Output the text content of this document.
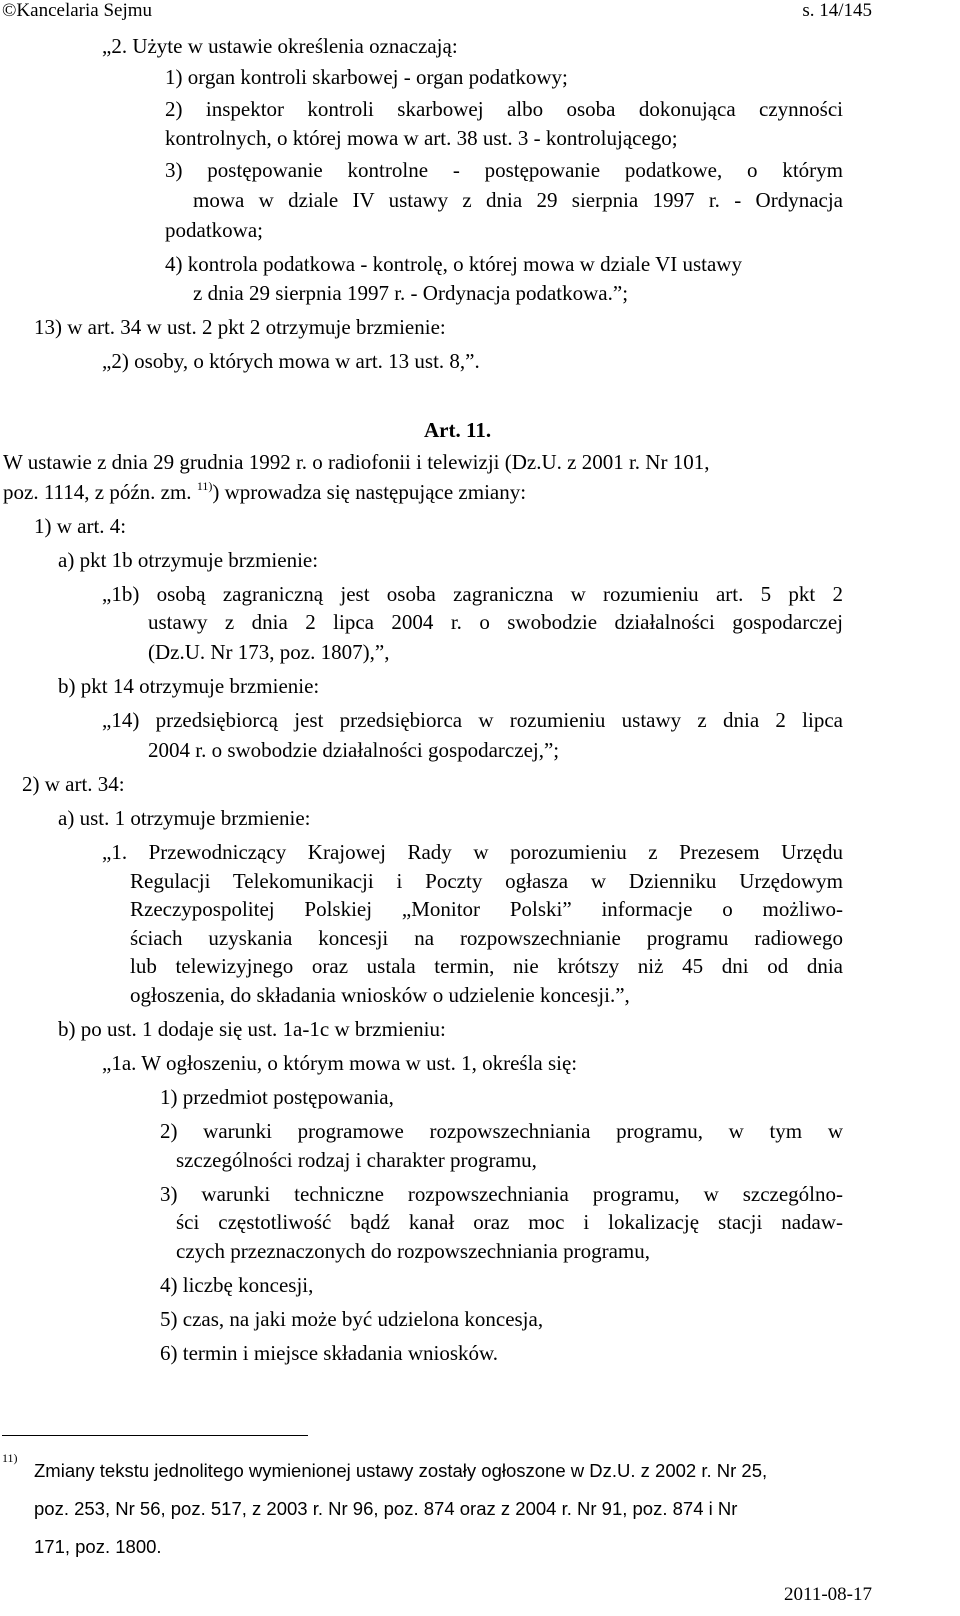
©Kancelaria Sejmu	s. 14/145
„2. Użyte w ustawie określenia oznaczają:
1) organ kontroli skarbowej - organ podatkowy;
2) inspektor kontroli skarbowej albo osoba dokonująca czynności
kontrolnych, o której mowa w art. 38 ust. 3 - kontrolującego;
3) postępowanie kontrolne - postępowanie podatkowe, o którym
mowa w dziale IV ustawy z dnia 29 sierpnia 1997 r. - Ordynacja
podatkowa;
4) kontrola podatkowa - kontrolę, o której mowa w dziale VI ustawy
z dnia 29 sierpnia 1997 r. - Ordynacja podatkowa.”;
13) w art. 34 w ust. 2 pkt 2 otrzymuje brzmienie:
„2) osoby, o których mowa w art. 13 ust. 8,”.
Art. 11.
W ustawie z dnia 29 grudnia 1992 r. o radiofonii i telewizji (Dz.U. z 2001 r. Nr 101,
poz. 1114, z późn. zm. $^{11)}$) wprowadza się następujące zmiany:
1) w art. 4:
a) pkt 1b otrzymuje brzmienie:
„1b) osobą zagraniczną jest osoba zagraniczna w rozumieniu art. 5 pkt 2
ustawy z dnia 2 lipca 2004 r. o swobodzie działalności gospodarczej
(Dz.U. Nr 173, poz. 1807),”,
b) pkt 14 otrzymuje brzmienie:
„14) przedsiębiorcą jest przedsiębiorca w rozumieniu ustawy z dnia 2 lipca
2004 r. o swobodzie działalności gospodarczej,”;
2) w art. 34:
a) ust. 1 otrzymuje brzmienie:
„1. Przewodniczący Krajowej Rady w porozumieniu z Prezesem Urzędu
Regulacji Telekomunikacji i Poczty ogłasza w Dzienniku Urzędowym
Rzeczypospolitej Polskiej „Monitor Polski” informacje o możliwo-
ściach uzyskania koncesji na rozpowszechnianie programu radiowego
lub telewizyjnego oraz ustala termin, nie krótszy niż 45 dni od dnia
ogłoszenia, do składania wniosków o udzielenie koncesji.”,
b) po ust. 1 dodaje się ust. 1a-1c w brzmieniu:
„1a. W ogłoszeniu, o którym mowa w ust. 1, określa się:
1) przedmiot postępowania,
2) warunki programowe rozpowszechniania programu, w tym w
szczególności rodzaj i charakter programu,
3) warunki techniczne rozpowszechniania programu, w szczególno-
ści częstotliwość bądź kanał oraz moc i lokalizację stacji nadaw-
czych przeznaczonych do rozpowszechniania programu,
4) liczbę koncesji,
5) czas, na jaki może być udzielona koncesja,
6) termin i miejsce składania wniosków.
11)
Zmiany tekstu jednolitego wymienionej ustawy zostały ogłoszone w Dz.U. z 2002 r. Nr 25,
poz. 253, Nr 56, poz. 517, z 2003 r. Nr 96, poz. 874 oraz z 2004 r. Nr 91, poz. 874 i Nr
171, poz. 1800.
2011-08-17
